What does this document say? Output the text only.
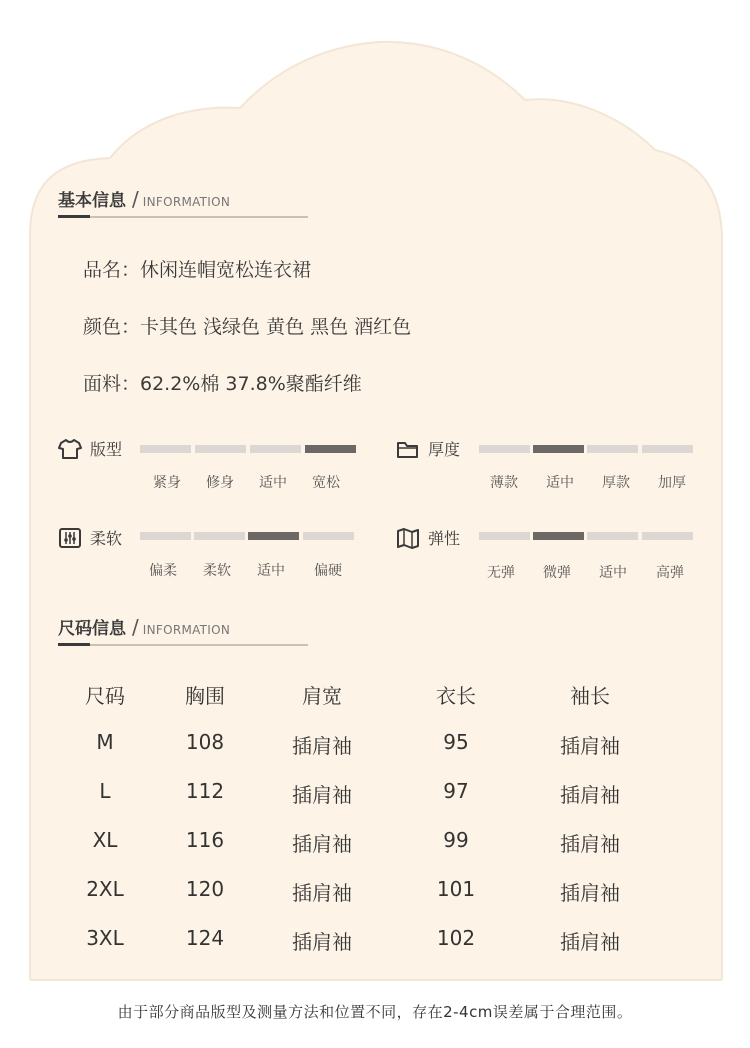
基本信息 / INFORMATION
品名：休闲连帽宽松连衣裙
颜色：卡其色 浅绿色 黄色 黑色 酒红色
面料：62.2%棉 37.8%聚酯纤维
版型
紧身	修身	适中	宽松
厚度
薄款	适中	厚款	加厚
柔软
偏柔	柔软	适中	偏硬
弹性
无弹	微弹	适中	高弹
尺码信息 / INFORMATION
尺码	胸围	肩宽	衣长	袖长
M	108	插肩袖	95	插肩袖
L	112	插肩袖	97	插肩袖
XL	116	插肩袖	99	插肩袖
2XL	120	插肩袖	101	插肩袖
3XL	124	插肩袖	102	插肩袖
由于部分商品版型及测量方法和位置不同，存在2-4cm误差属于合理范围。
